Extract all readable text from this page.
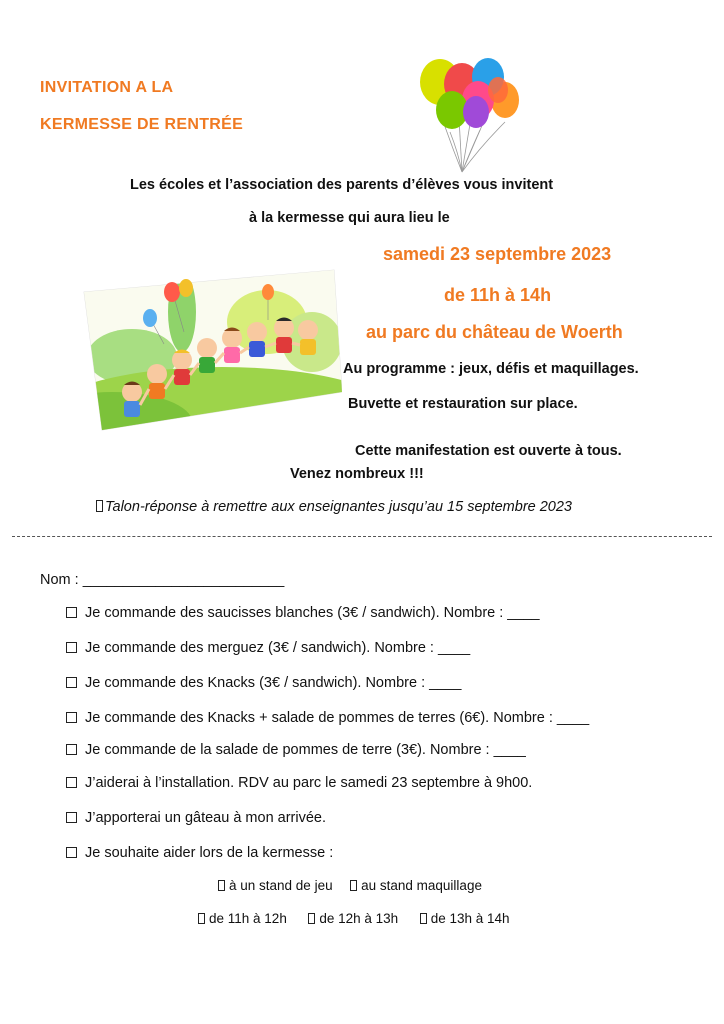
INVITATION A LA
KERMESSE DE RENTRÉE
Les écoles et l’association des parents d’élèves vous invitent
à la kermesse qui aura lieu le
samedi 23 septembre 2023
de 11h à 14h
au parc du château de Woerth
Au programme : jeux, défis et maquillages.
Buvette et restauration sur place.
Cette manifestation est ouverte à tous.
Venez nombreux !!!
Talon-réponse à remettre aux enseignantes jusqu’au 15 septembre 2023
Nom : _________________________
Je commande des saucisses blanches (3€ / sandwich). Nombre : ____
Je commande des merguez (3€ / sandwich). Nombre : ____
Je commande des Knacks (3€ / sandwich). Nombre : ____
Je commande des Knacks + salade de pommes de terres (6€). Nombre : ____
Je commande de la salade de pommes de terre (3€). Nombre : ____
J’aiderai à l’installation. RDV au parc le samedi 23 septembre à 9h00.
J’apporterai un gâteau à mon arrivée.
Je souhaite aider lors de la kermesse :
à un stand de jeu au stand maquillage
de 11h à 12h de 12h à 13h de 13h à 14h
